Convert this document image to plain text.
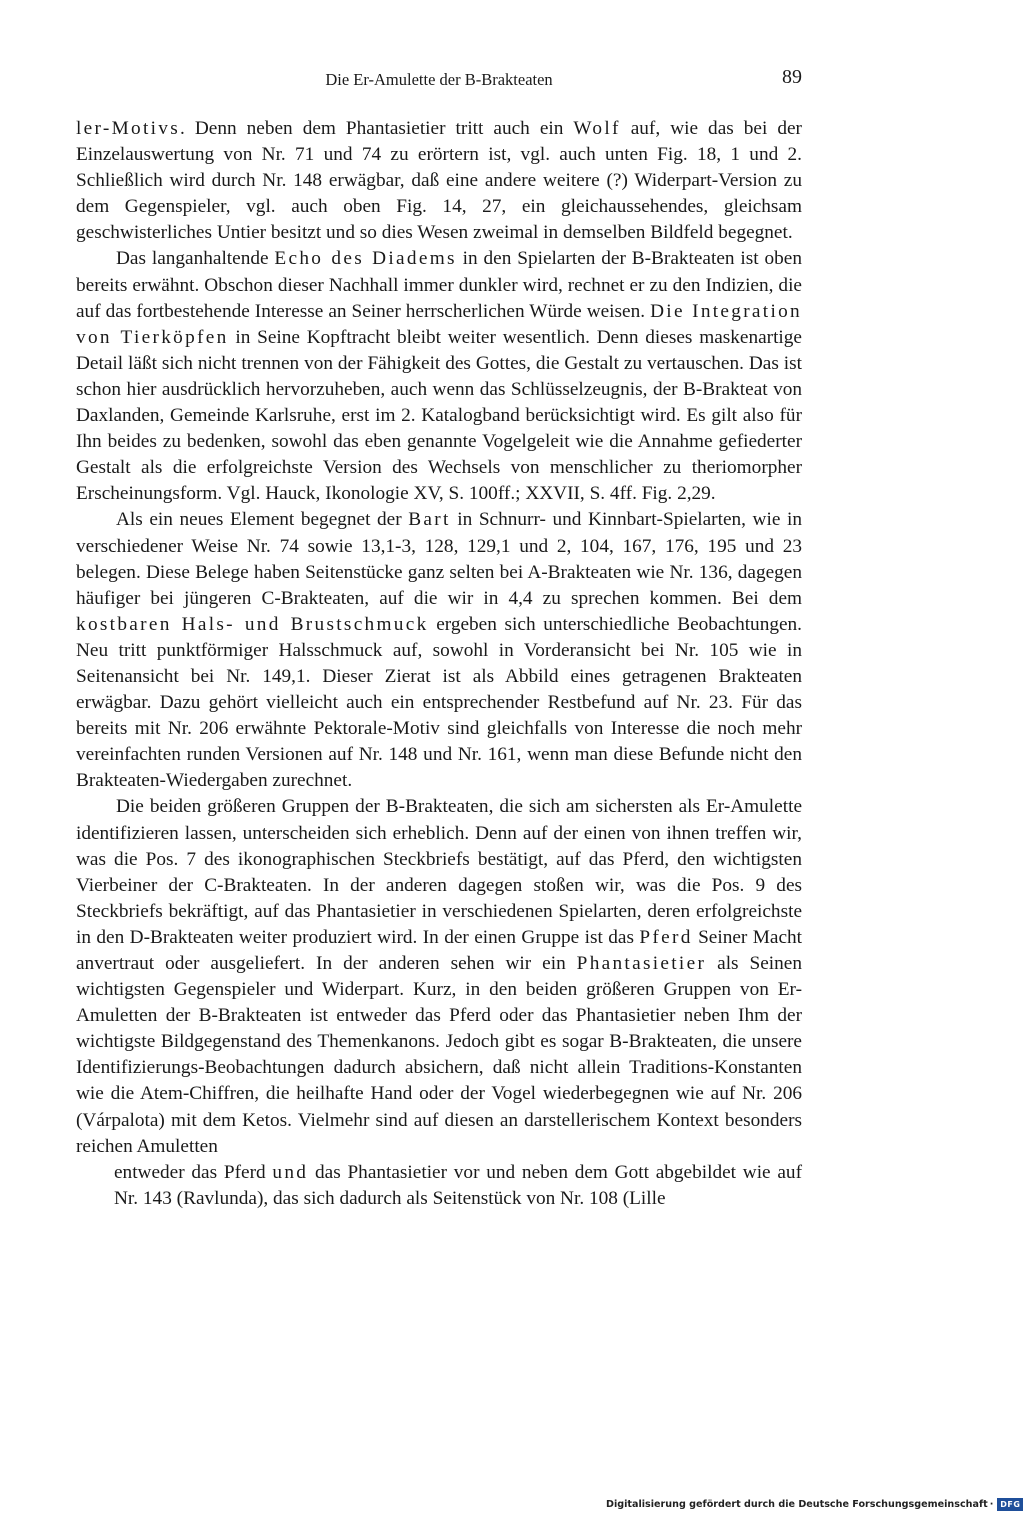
Die Er-Amulette der B-Brakteaten	89

ler-Motivs. Denn neben dem Phantasietier tritt auch ein Wolf auf, wie das bei der Einzelauswertung von Nr. 71 und 74 zu erörtern ist, vgl. auch unten Fig. 18, 1 und 2. Schließlich wird durch Nr. 148 erwägbar, daß eine andere weitere (?) Widerpart-Version zu dem Gegenspieler, vgl. auch oben Fig. 14, 27, ein gleichaussehendes, gleichsam geschwisterliches Untier besitzt und so dies Wesen zweimal in demselben Bildfeld begegnet.

Das langanhaltende Echo des Diadems in den Spielarten der B-Brakteaten ist oben bereits erwähnt. Obschon dieser Nachhall immer dunkler wird, rechnet er zu den Indizien, die auf das fortbestehende Interesse an Seiner herrscherlichen Würde weisen. Die Integration von Tierköpfen in Seine Kopftracht bleibt weiter wesentlich. Denn dieses maskenartige Detail läßt sich nicht trennen von der Fähigkeit des Gottes, die Gestalt zu vertauschen. Das ist schon hier ausdrücklich hervorzuheben, auch wenn das Schlüsselzeugnis, der B-Brakteat von Daxlanden, Gemeinde Karlsruhe, erst im 2. Katalogband berücksichtigt wird. Es gilt also für Ihn beides zu bedenken, sowohl das eben genannte Vogelgeleit wie die Annahme gefiederter Gestalt als die erfolgreichste Version des Wechsels von menschlicher zu theriomorpher Erscheinungsform. Vgl. Hauck, Ikonologie XV, S. 100ff.; XXVII, S. 4ff. Fig. 2,29.

Als ein neues Element begegnet der Bart in Schnurr- und Kinnbart-Spielarten, wie in verschiedener Weise Nr. 74 sowie 13,1-3, 128, 129,1 und 2, 104, 167, 176, 195 und 23 belegen. Diese Belege haben Seitenstücke ganz selten bei A-Brakteaten wie Nr. 136, dagegen häufiger bei jüngeren C-Brakteaten, auf die wir in 4,4 zu sprechen kommen. Bei dem kostbaren Hals- und Brustschmuck ergeben sich unterschiedliche Beobachtungen. Neu tritt punktförmiger Halsschmuck auf, sowohl in Vorderansicht bei Nr. 105 wie in Seitenansicht bei Nr. 149,1. Dieser Zierat ist als Abbild eines getragenen Brakteaten erwägbar. Dazu gehört vielleicht auch ein entsprechender Restbefund auf Nr. 23. Für das bereits mit Nr. 206 erwähnte Pektorale-Motiv sind gleichfalls von Interesse die noch mehr vereinfachten runden Versionen auf Nr. 148 und Nr. 161, wenn man diese Befunde nicht den Brakteaten-Wiedergaben zurechnet.

Die beiden größeren Gruppen der B-Brakteaten, die sich am sichersten als Er-Amulette identifizieren lassen, unterscheiden sich erheblich. Denn auf der einen von ihnen treffen wir, was die Pos. 7 des ikonographischen Steckbriefs bestätigt, auf das Pferd, den wichtigsten Vierbeiner der C-Brakteaten. In der anderen dagegen stoßen wir, was die Pos. 9 des Steckbriefs bekräftigt, auf das Phantasietier in verschiedenen Spielarten, deren erfolgreichste in den D-Brakteaten weiter produziert wird. In der einen Gruppe ist das Pferd Seiner Macht anvertraut oder ausgeliefert. In der anderen sehen wir ein Phantasietier als Seinen wichtigsten Gegenspieler und Widerpart. Kurz, in den beiden größeren Gruppen von Er-Amuletten der B-Brakteaten ist entweder das Pferd oder das Phantasietier neben Ihm der wichtigste Bildgegenstand des Themenkanons. Jedoch gibt es sogar B-Brakteaten, die unsere Identifizierungs-Beobachtungen dadurch absichern, daß nicht allein Traditions-Konstanten wie die Atem-Chiffren, die heilhafte Hand oder der Vogel wiederbegegnen wie auf Nr. 206 (Várpalota) mit dem Ketos. Vielmehr sind auf diesen an darstellerischem Kontext besonders reichen Amuletten

entweder das Pferd und das Phantasietier vor und neben dem Gott abgebildet wie auf Nr. 143 (Ravlunda), das sich dadurch als Seitenstück von Nr. 108 (Lille

Digitalisierung gefördert durch die Deutsche Forschungsgemeinschaft · DFG
